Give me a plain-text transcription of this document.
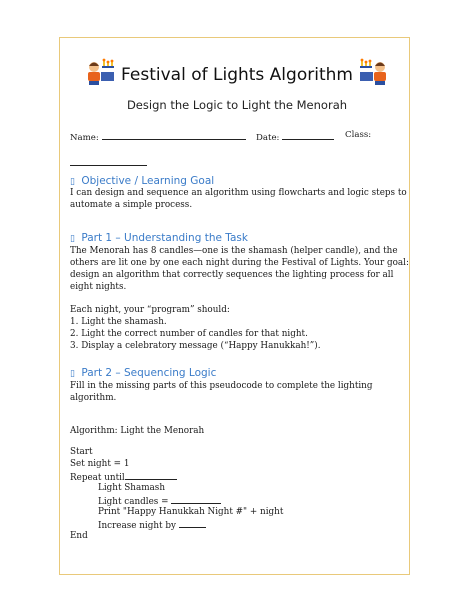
Festival of Lights Algorithm
Design the Logic to Light the Menorah
Name:	Date:	Class:
▯ Objective / Learning Goal
I can design and sequence an algorithm using flowcharts and logic steps to
automate a simple process.
▯ Part 1 – Understanding the Task
The Menorah has 8 candles—one is the shamash (helper candle), and the
others are lit one by one each night during the Festival of Lights. Your goal:
design an algorithm that correctly sequences the lighting process for all
eight nights.
Each night, your “program” should:
1. Light the shamash.
2. Light the correct number of candles for that night.
3. Display a celebratory message (“Happy Hanukkah!”).
▯ Part 2 – Sequencing Logic
Fill in the missing parts of this pseudocode to complete the lighting
algorithm.
Algorithm: Light the Menorah
Start
Set night = 1
Repeat until
Light Shamash
Light candles =
Print "Happy Hanukkah Night #" + night
Increase night by
End
